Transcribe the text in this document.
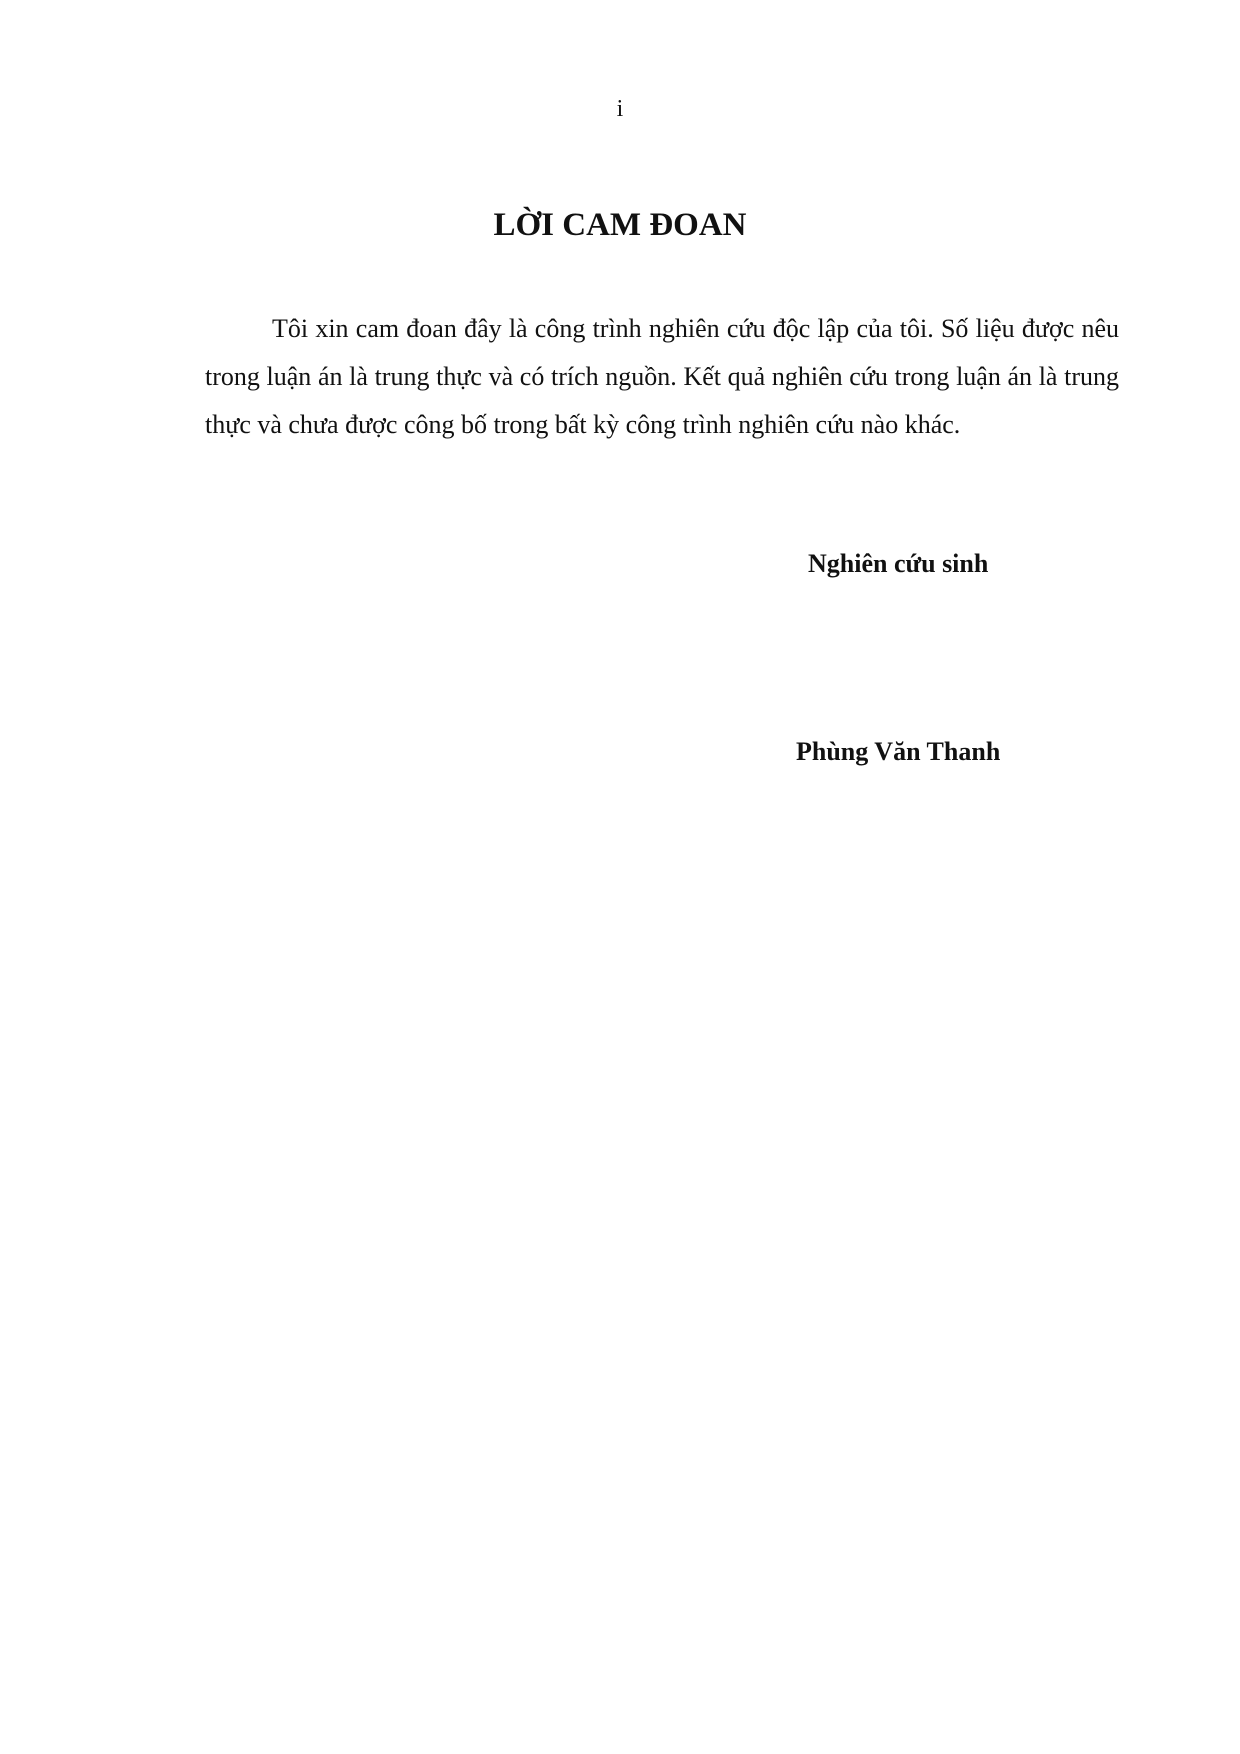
i
LỜI CAM ĐOAN

Tôi xin cam đoan đây là công trình nghiên cứu độc lập của tôi. Số liệu được nêu trong luận án là trung thực và có trích nguồn. Kết quả nghiên cứu trong luận án là trung thực và chưa được công bố trong bất kỳ công trình nghiên cứu nào khác.

Nghiên cứu sinh
Phùng Văn Thanh
